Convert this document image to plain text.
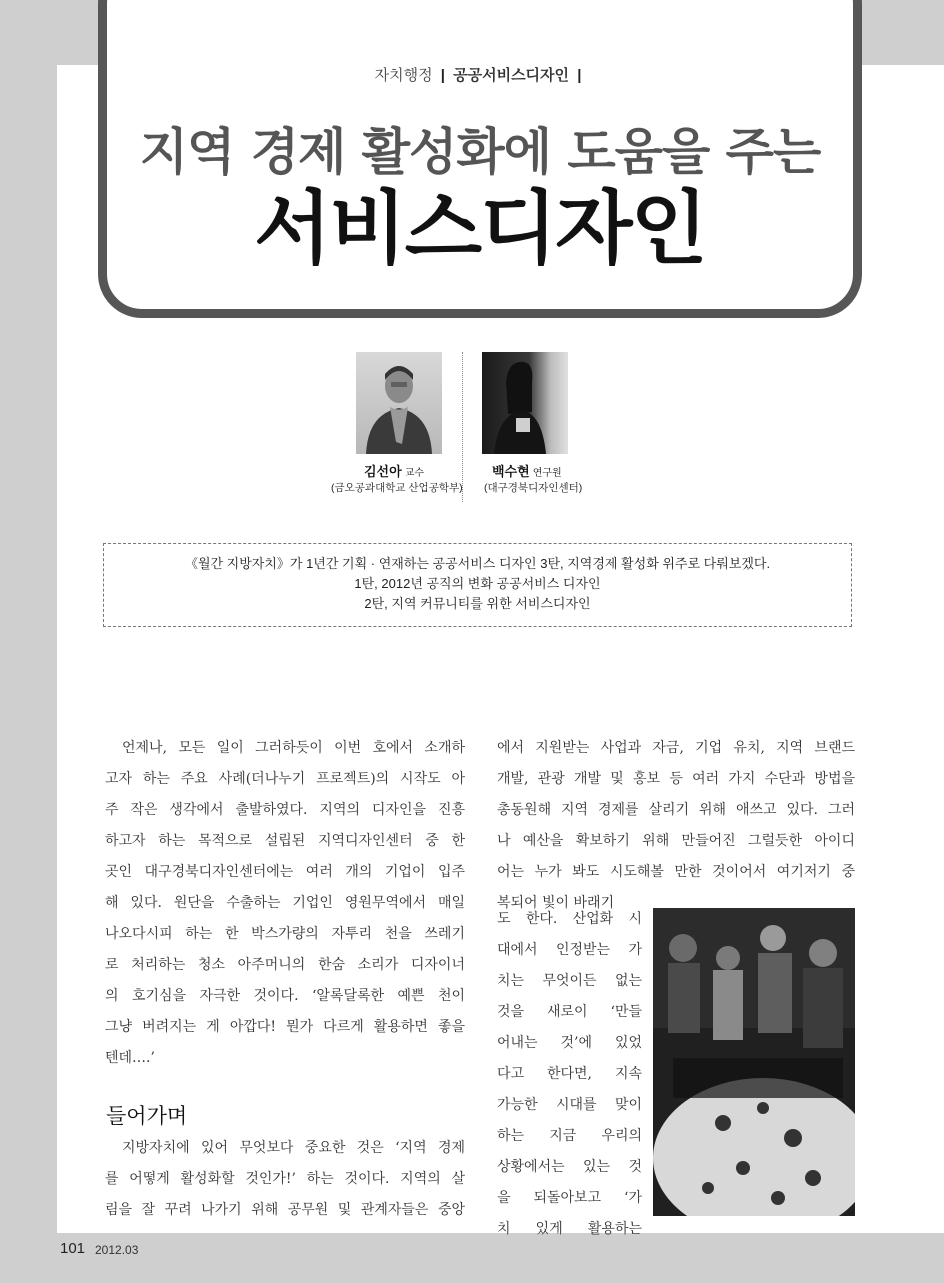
자치행정 | 공공서비스디자인 |
지역 경제 활성화에 도움을 주는
서비스디자인
김선아 교수
(금오공과대학교 산업공학부)
백수현 연구원
(대구경북디자인센터)
《월간 지방자치》가 1년간 기획 · 연재하는 공공서비스 디자인 3탄, 지역경제 활성화 위주로 다뤄보겠다.
1탄, 2012년 공직의 변화 공공서비스 디자인
2탄, 지역 커뮤니티를 위한 서비스디자인
언제나, 모든 일이 그러하듯이 이번 호에서 소개하
고자 하는 주요 사례(더나누기 프로젝트)의 시작도 아
주 작은 생각에서 출발하였다. 지역의 디자인을 진흥
하고자 하는 목적으로 설립된 지역디자인센터 중 한
곳인 대구경북디자인센터에는 여러 개의 기업이 입주
해 있다. 원단을 수출하는 기업인 영원무역에서 매일
나오다시피 하는 한 박스가량의 자투리 천을 쓰레기
로 처리하는 청소 아주머니의 한숨 소리가 디자이너
의 호기심을 자극한 것이다. ‘알록달록한 예쁜 천이
그냥 버려지는 게 아깝다! 뭔가 다르게 활용하면 좋을
텐데….’
들어가며
지방자치에 있어 무엇보다 중요한 것은 ‘지역 경제
를 어떻게 활성화할 것인가!’ 하는 것이다. 지역의 살
림을 잘 꾸려 나가기 위해 공무원 및 관계자들은 중앙
에서 지원받는 사업과 자금, 기업 유치, 지역 브랜드
개발, 관광 개발 및 홍보 등 여러 가지 수단과 방법을
총동원해 지역 경제를 살리기 위해 애쓰고 있다. 그러
나 예산을 확보하기 위해 만들어진 그럴듯한 아이디
어는 누가 봐도 시도해볼 만한 것이어서 여기저기 중
복되어 빛이 바래기
도 한다. 산업화 시
대에서 인정받는 가
치는 무엇이든 없는
것을 새로이 ‘만들
어내는 것’에 있었
다고 한다면, 지속
가능한 시대를 맞이
하는 지금 우리의
상황에서는 있는 것
을 되돌아보고 ‘가
치 있게 활용하는
101 2012.03
